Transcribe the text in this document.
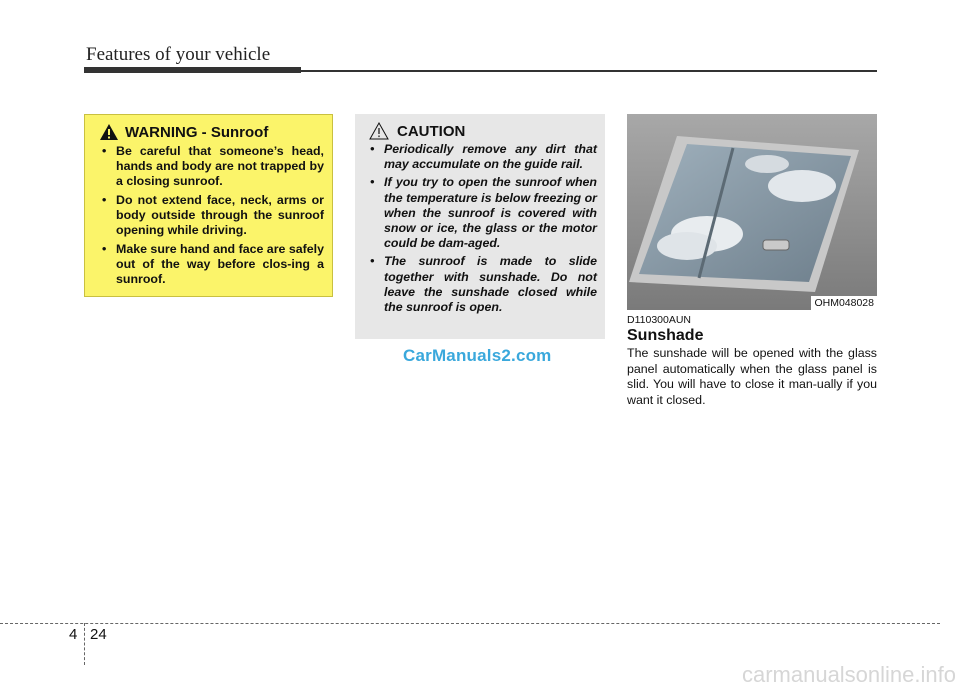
Features of your vehicle
WARNING - Sunroof
• Be careful that someone’s head, hands and body are not trapped by a closing sunroof.
• Do not extend face, neck, arms or body outside through the sunroof opening while driving.
• Make sure hand and face are safely out of the way before clos-ing a sunroof.
CAUTION
• Periodically remove any dirt that may accumulate on the guide rail.
• If you try to open the sunroof when the temperature is below freezing or when the sunroof is covered with snow or ice, the glass or the motor could be dam-aged.
• The sunroof is made to slide together with sunshade. Do not leave the sunshade closed while the sunroof is open.
CarManuals2.com
OHM048028
D110300AUN
Sunshade
The sunshade will be opened with the glass panel automatically when the glass panel is slid. You will have to close it man-ually if you want it closed.
4 24
carmanualsonline.info
